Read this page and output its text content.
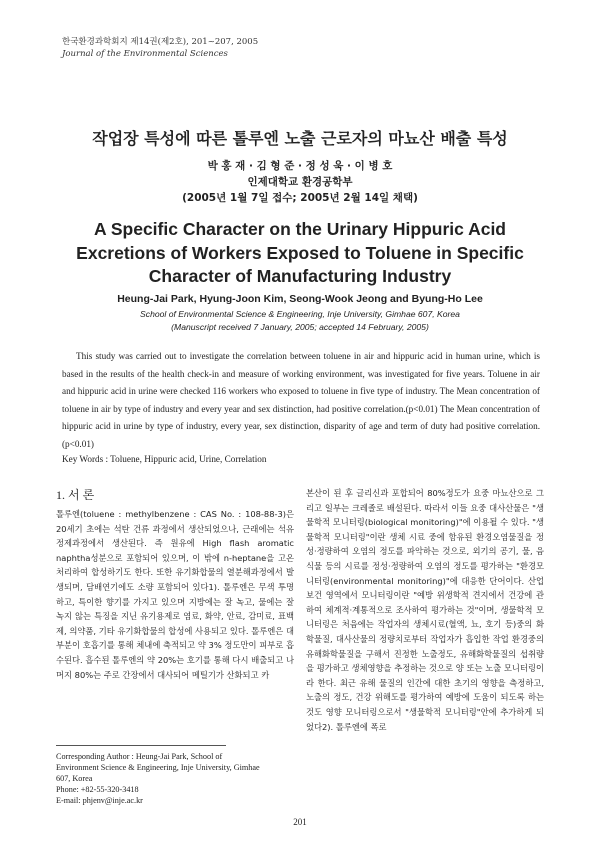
한국환경과학회지 제14권(제2호), 201~207, 2005
Journal of the Environmental Sciences
작업장 특성에 따른 톨루엔 노출 근로자의 마뇨산 배출 특성
박 홍 재 · 김 형 준 · 정 성 욱 · 이 병 호
인제대학교 환경공학부
(2005년 1월 7일 접수; 2005년 2월 14일 채택)
A Specific Character on the Urinary Hippuric Acid
Excretions of Workers Exposed to Toluene in Specific
Character of Manufacturing Industry
Heung-Jai Park, Hyung-Joon Kim, Seong-Wook Jeong and Byung-Ho Lee
School of Environmental Science & Engineering, Inje University, Gimhae 607, Korea
(Manuscript received 7 January, 2005; accepted 14 February, 2005)
This study was carried out to investigate the correlation between toluene in air and hippuric acid in human urine, which is based in the results of the health check-in and measure of working environment, was investigated for five years. Toluene in air and hippuric acid in urine were checked 116 workers who exposed to toluene in five type of industry. The Mean concentration of toluene in air by type of industry and every year and sex distinction, had positive correlation.(p<0.01) The Mean concentration of hippuric acid in urine by type of industry, every year, sex distinction, disparity of age and term of duty had positive correlation.(p<0.01)
Key Words : Toluene, Hippuric acid, Urine, Correlation
1. 서 론

톨루엔(toluene : methylbenzene : CAS No. : 108-88-3)은 20세기 초에는 석탄 건류 과정에서 생산되었으나, 근래에는 석유 정제과정에서 생산된다. 즉 원유에 High flash aromatic naphtha성분으로 포함되어 있으며, 이 밖에 n-heptane을 고온 처리하여 합성하기도 한다. 또한 유기화합물의 열분해과정에서 발생되며, 담배연기에도 소량 포함되어 있다1). 톨루엔은 무색 투명하고, 특이한 향기를 가지고 있으며 지방에는 잘 녹고, 물에는 잘 녹지 않는 특징을 지닌 유기용제로 염료, 화약, 안료, 감미료, 표백제, 의약품, 기타 유기화합물의 합성에 사용되고 있다. 톨루엔은 대부분이 호흡기를 통해 체내에 축적되고 약 3% 정도만이 피부로 흡수된다. 흡수된 톨루엔의 약 20%는 호기를 통해 다시 배출되고 나머지 80%는 주로 간장에서 대사되어 메틸기가 산화되고 카

본산이 된 후 글리신과 포합되어 80%정도가 요중 마뇨산으로 그리고 일부는 크레졸로 배설된다. 따라서 이들 요중 대사산물은 "생물학적 모니터링(biological monitoring)"에 이용될 수 있다. "생물학적 모니터링"이란 생체 시료 중에 함유된 환경오염물질을 정성·정량하여 오염의 정도를 파악하는 것으로, 외기의 공기, 물, 음식물 등의 시료를 정성·정량하여 오염의 정도를 평가하는 "환경모니터링(environmental monitoring)"에 대응한 단어이다. 산업보건 영역에서 모니터링이란 "예방 위생학적 견지에서 건강에 관하여 체계적·계통적으로 조사하여 평가하는 것"이며, 생물학적 모니터링은 처음에는 작업자의 생체시료(혈액, 뇨, 호기 등)중의 화학물질, 대사산물의 정량치로부터 작업자가 흡입한 작업 환경중의 유해화학물질을 구해서 진정한 노출정도, 유해화학물질의 섭취량을 평가하고 생체영향을 추정하는 것으로 양 또는 노출 모니터링이라 한다. 최근 유해 물질의 인간에 대한 초기의 영향을 측정하고, 노출의 정도, 건강 위해도를 평가하여 예방에 도움이 되도록 하는 것도 영향 모니터링으로서 "생물학적 모니터링"안에 추가하게 되었다2). 톨루엔에 폭로

Corresponding Author : Heung-Jai Park, School of Environment Science & Engineering, Inje University, Gimhae 607, Korea
Phone: +82-55-320-3418
E-mail: phjenv@inje.ac.kr
201
